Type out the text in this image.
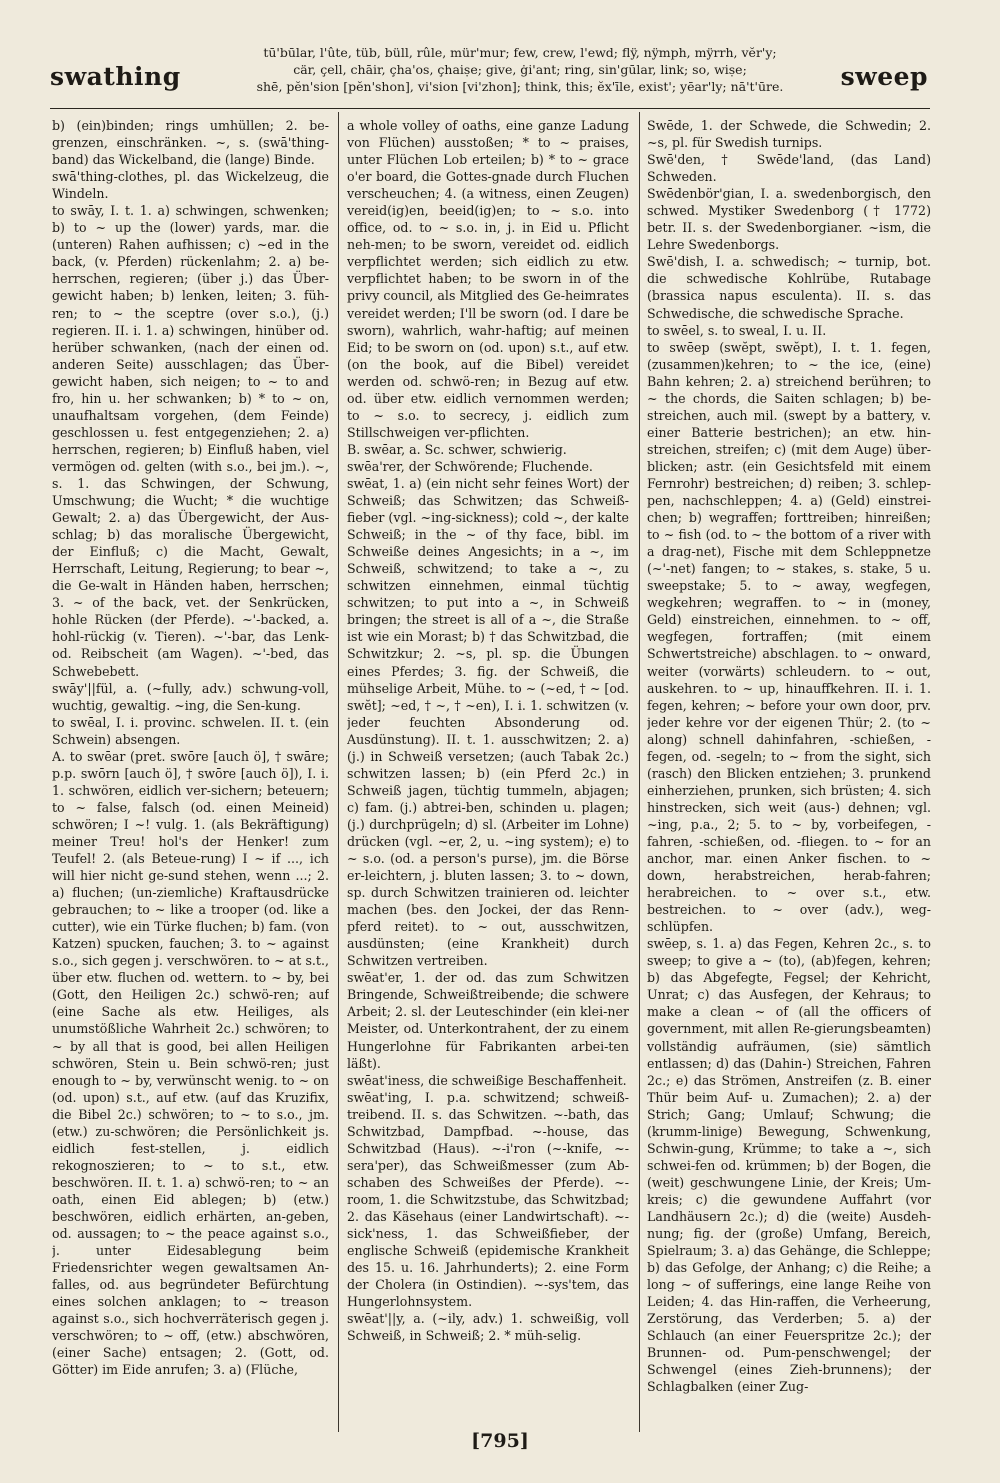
swathing
tū'būlar, l'ûte, tüb, büll, rûle, mür'mur; few, crew, l'ewd; flÿ, nÿmph, mÿrrh, vĕr'y;
cär, çell, chāir, çha'os, çhaiṣe; give, ġi'ant; ring, sin'gūlar, link; so, wiṣe;
shē, pĕn'sion [pĕn'shon], vi'sion [vi'zhon]; think, this; ĕx'īle, exist'; yēar'ly; nā't'ūre.	sweep

b) (ein)binden; rings umhüllen; 2. be-grenzen, einschränken. ~, s. (swā'thing-band) das Wickelband, die (lange) Binde.

swā'thing-clothes, pl. das Wickelzeug, die Windeln.

to swāy, I. t. 1. a) schwingen, schwenken; b) to ~ up the (lower) yards, mar. die (unteren) Rahen aufhissen; c) ~ed in the back, (v. Pferden) rückenlahm; 2. a) be-herrschen, regieren; (über j.) das Über-gewicht haben; b) lenken, leiten; 3. füh-ren; to ~ the sceptre (over s.o.), (j.) regieren. II. i. 1. a) schwingen, hinüber od. herüber schwanken, (nach der einen od. anderen Seite) ausschlagen; das Über-gewicht haben, sich neigen; to ~ to and fro, hin u. her schwanken; b) * to ~ on, unaufhaltsam vorgehen, (dem Feinde) geschlossen u. fest entgegenziehen; 2. a) herrschen, regieren; b) Einfluß haben, viel vermögen od. gelten (with s.o., bei jm.). ~, s. 1. das Schwingen, der Schwung, Umschwung; die Wucht; * die wuchtige Gewalt; 2. a) das Übergewicht, der Aus-schlag; b) das moralische Übergewicht, der Einfluß; c) die Macht, Gewalt, Herrschaft, Leitung, Regierung; to bear ~, die Ge-walt in Händen haben, herrschen; 3. ~ of the back, vet. der Senkrücken, hohle Rücken (der Pferde). ~'-backed, a. hohl-rückig (v. Tieren). ~'-bar, das Lenk- od. Reibscheit (am Wagen). ~'-bed, das Schwebebett.

swāy'||fül, a. (~fully, adv.) schwung-voll, wuchtig, gewaltig. ~ing, die Sen-kung.

to swēal, I. i. provinc. schwelen. II. t. (ein Schwein) absengen.

A. to swēar (pret. swōre [auch ö], † swāre; p.p. swōrn [auch ö], † swōre [auch ö]), I. i. 1. schwören, eidlich ver-sichern; beteuern; to ~ false, falsch (od. einen Meineid) schwören; I ~! vulg. 1. (als Bekräftigung) meiner Treu! hol's der Henker! zum Teufel! 2. (als Beteue-rung) I ~ if ..., ich will hier nicht ge-sund stehen, wenn ...; 2. a) fluchen; (un-ziemliche) Kraftausdrücke gebrauchen; to ~ like a trooper (od. like a cutter), wie ein Türke fluchen; b) fam. (von Katzen) spucken, fauchen; 3. to ~ against s.o., sich gegen j. verschwören. to ~ at s.t., über etw. fluchen od. wettern. to ~ by, bei (Gott, den Heiligen 2c.) schwö-ren; auf (eine Sache als etw. Heiliges, als unumstößliche Wahrheit 2c.) schwören; to ~ by all that is good, bei allen Heiligen schwören, Stein u. Bein schwö-ren; just enough to ~ by, verwünscht wenig. to ~ on (od. upon) s.t., auf etw. (auf das Kruzifix, die Bibel 2c.) schwören; to ~ to s.o., jm. (etw.) zu-schwören; die Persönlichkeit js. eidlich fest-stellen, j. eidlich rekognoszieren; to ~ to s.t., etw. beschwören. II. t. 1. a) schwö-ren; to ~ an oath, einen Eid ablegen; b) (etw.) beschwören, eidlich erhärten, an-geben, od. aussagen; to ~ the peace against s.o., j. unter Eidesablegung beim Friedensrichter wegen gewaltsamen An-falles, od. aus begründeter Befürchtung eines solchen anklagen; to ~ treason against s.o., sich hochverräterisch gegen j. verschwören; to ~ off, (etw.) abschwören, (einer Sache) entsagen; 2. (Gott, od. Götter) im Eide anrufen; 3. a) (Flüche,

a whole volley of oaths, eine ganze Ladung von Flüchen) ausstoßen; * to ~ praises, unter Flüchen Lob erteilen; b) * to ~ grace o'er board, die Gottes-gnade durch Fluchen verscheuchen; 4. (a witness, einen Zeugen) vereid(ig)en, beeid(ig)en; to ~ s.o. into office, od. to ~ s.o. in, j. in Eid u. Pflicht neh-men; to be sworn, vereidet od. eidlich verpflichtet werden; sich eidlich zu etw. verpflichtet haben; to be sworn in of the privy council, als Mitglied des Ge-heimrates vereidet werden; I'll be sworn (od. I dare be sworn), wahrlich, wahr-haftig; auf meinen Eid; to be sworn on (od. upon) s.t., auf etw. (on the book, auf die Bibel) vereidet werden od. schwö-ren; in Bezug auf etw. od. über etw. eidlich vernommen werden; to ~ s.o. to secrecy, j. eidlich zum Stillschweigen ver-pflichten.

B. swēar, a. Sc. schwer, schwierig.

swēa'rer, der Schwörende; Fluchende.

swēat, 1. a) (ein nicht sehr feines Wort) der Schweiß; das Schwitzen; das Schweiß-fieber (vgl. ~ing-sickness); cold ~, der kalte Schweiß; in the ~ of thy face, bibl. im Schweiße deines Angesichts; in a ~, im Schweiß, schwitzend; to take a ~, zu schwitzen einnehmen, einmal tüchtig schwitzen; to put into a ~, in Schweiß bringen; the street is all of a ~, die Straße ist wie ein Morast; b) † das Schwitzbad, die Schwitzkur; 2. ~s, pl. sp. die Übungen eines Pferdes; 3. fig. der Schweiß, die mühselige Arbeit, Mühe. to ~ (~ed, † ~ [od. swĕt]; ~ed, † ~, † ~en), I. i. 1. schwitzen (v. jeder feuchten Absonderung od. Ausdünstung). II. t. 1. ausschwitzen; 2. a) (j.) in Schweiß versetzen; (auch Tabak 2c.) schwitzen lassen; b) (ein Pferd 2c.) in Schweiß jagen, tüchtig tummeln, abjagen; c) fam. (j.) abtrei-ben, schinden u. plagen; (j.) durchprügeln; d) sl. (Arbeiter im Lohne) drücken (vgl. ~er, 2, u. ~ing system); e) to ~ s.o. (od. a person's purse), jm. die Börse er-leichtern, j. bluten lassen; 3. to ~ down, sp. durch Schwitzen trainieren od. leichter machen (bes. den Jockei, der das Renn-pferd reitet). to ~ out, ausschwitzen, ausdünsten; (eine Krankheit) durch Schwitzen vertreiben.

swēat'er, 1. der od. das zum Schwitzen Bringende, Schweißtreibende; die schwere Arbeit; 2. sl. der Leuteschinder (ein klei-ner Meister, od. Unterkontrahent, der zu einem Hungerlohne für Fabrikanten arbei-ten läßt).

swēat'iness, die schweißige Beschaffenheit.

swēat'ing, I. p.a. schwitzend; schweiß-treibend. II. s. das Schwitzen. ~-bath, das Schwitzbad, Dampfbad. ~-house, das Schwitzbad (Haus). ~-i'ron (~-knife, ~-sera'per), das Schweißmesser (zum Ab-schaben des Schweißes der Pferde). ~-room, 1. die Schwitzstube, das Schwitzbad; 2. das Käsehaus (einer Landwirtschaft). ~-sick'ness, 1. das Schweißfieber, der englische Schweiß (epidemische Krankheit des 15. u. 16. Jahrhunderts); 2. eine Form der Cholera (in Ostindien). ~-sys'tem, das Hungerlohnsystem.

swēat'||y, a. (~ily, adv.) 1. schweißig, voll Schweiß, in Schweiß; 2. * müh-selig.

Swēde, 1. der Schwede, die Schwedin; 2. ~s, pl. für Swedish turnips.

Swē'den, † Swēde'land, (das Land) Schweden.

Swēdenbör'gian, I. a. swedenborgisch, den schwed. Mystiker Swedenborg († 1772) betr. II. s. der Swedenborgianer. ~ism, die Lehre Swedenborgs.

Swē'dish, I. a. schwedisch; ~ turnip, bot. die schwedische Kohlrübe, Rutabage (brassica napus esculenta). II. s. das Schwedische, die schwedische Sprache.

to swēel, s. to sweal, I. u. II.

to swēep (swĕpt, swĕpt), I. t. 1. fegen, (zusammen)kehren; to ~ the ice, (eine) Bahn kehren; 2. a) streichend berühren; to ~ the chords, die Saiten schlagen; b) be-streichen, auch mil. (swept by a battery, v. einer Batterie bestrichen); an etw. hin-streichen, streifen; c) (mit dem Auge) über-blicken; astr. (ein Gesichtsfeld mit einem Fernrohr) bestreichen; d) reiben; 3. schlep-pen, nachschleppen; 4. a) (Geld) einstrei-chen; b) wegraffen; forttreiben; hinreißen; to ~ fish (od. to ~ the bottom of a river with a drag-net), Fische mit dem Schleppnetze (~'-net) fangen; to ~ stakes, s. stake, 5 u. sweepstake; 5. to ~ away, wegfegen, wegkehren; wegraffen. to ~ in (money, Geld) einstreichen, einnehmen. to ~ off, wegfegen, fortraffen; (mit einem Schwertstreiche) abschlagen. to ~ onward, weiter (vorwärts) schleudern. to ~ out, auskehren. to ~ up, hinauffkehren. II. i. 1. fegen, kehren; ~ before your own door, prv. jeder kehre vor der eigenen Thür; 2. (to ~ along) schnell dahinfahren, -schießen, -fegen, od. -segeln; to ~ from the sight, sich (rasch) den Blicken entziehen; 3. prunkend einherziehen, prunken, sich brüsten; 4. sich hinstrecken, sich weit (aus-) dehnen; vgl. ~ing, p.a., 2; 5. to ~ by, vorbeifegen, -fahren, -schießen, od. -fliegen. to ~ for an anchor, mar. einen Anker fischen. to ~ down, herabstreichen, herab-fahren; herabreichen. to ~ over s.t., etw. bestreichen. to ~ over (adv.), weg-schlüpfen.

swēep, s. 1. a) das Fegen, Kehren 2c., s. to sweep; to give a ~ (to), (ab)fegen, kehren; b) das Abgefegte, Fegsel; der Kehricht, Unrat; c) das Ausfegen, der Kehraus; to make a clean ~ of (all the officers of government, mit allen Re-gierungsbeamten) vollständig aufräumen, (sie) sämtlich entlassen; d) das (Dahin-) Streichen, Fahren 2c.; e) das Strömen, Anstreifen (z. B. einer Thür beim Auf- u. Zumachen); 2. a) der Strich; Gang; Umlauf; Schwung; die (krumm-linige) Bewegung, Schwenkung, Schwin-gung, Krümme; to take a ~, sich schwei-fen od. krümmen; b) der Bogen, die (weit) geschwungene Linie, der Kreis; Um-kreis; c) die gewundene Auffahrt (vor Landhäusern 2c.); d) die (weite) Ausdeh-nung; fig. der (große) Umfang, Bereich, Spielraum; 3. a) das Gehänge, die Schleppe; b) das Gefolge, der Anhang; c) die Reihe; a long ~ of sufferings, eine lange Reihe von Leiden; 4. das Hin-raffen, die Verheerung, Zerstörung, das Verderben; 5. a) der Schlauch (an einer Feuerspritze 2c.); der Brunnen- od. Pum-penschwengel; der Schwengel (eines Zieh-brunnens); der Schlagbalken (einer Zug-

[795]
